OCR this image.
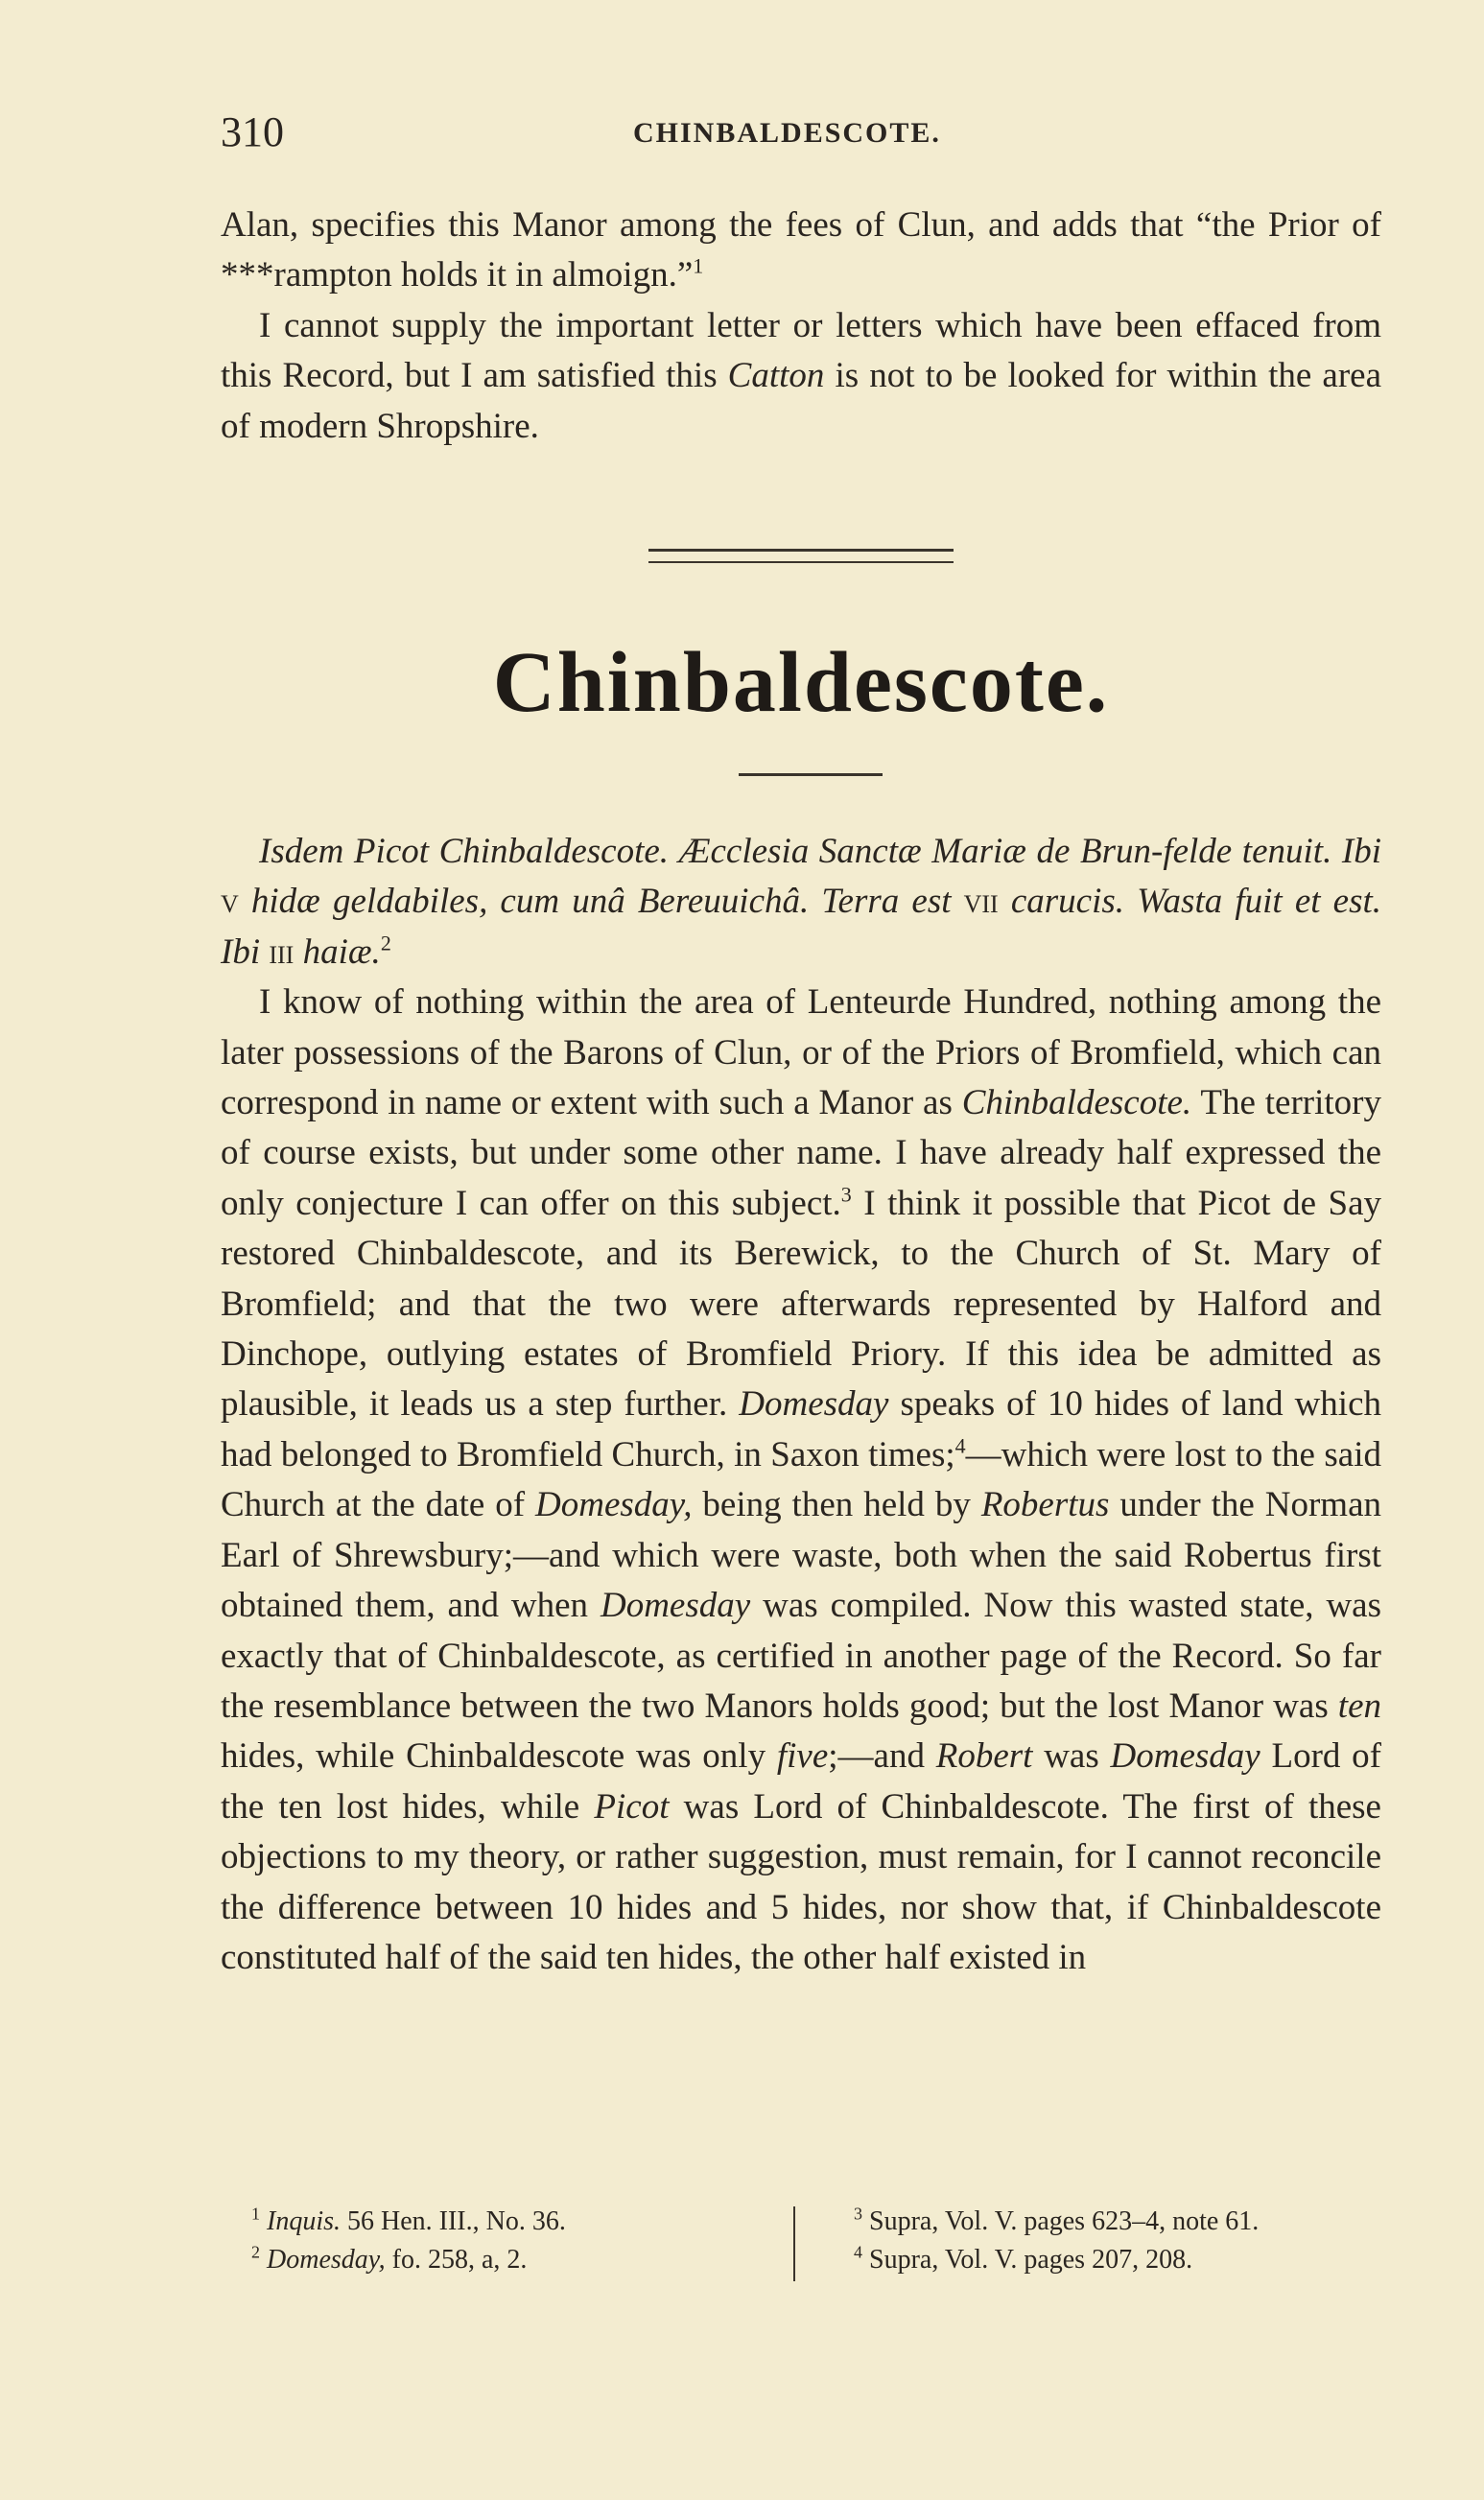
310	CHINBALDESCOTE.

Alan, specifies this Manor among the fees of Clun, and adds that “the Prior of ***rampton holds it in almoign.”$^1$

I cannot supply the important letter or letters which have been effaced from this Record, but I am satisfied this Catton is not to be looked for within the area of modern Shropshire.

Chinbaldescote.

Isdem Picot Chinbaldescote. Æcclesia Sanctæ Mariæ de Brun-felde tenuit. Ibi v hidæ geldabiles, cum unâ Bereuuichâ. Terra est vii carucis. Wasta fuit et est. Ibi iii haiæ.$^2$

I know of nothing within the area of Lenteurde Hundred, nothing among the later possessions of the Barons of Clun, or of the Priors of Bromfield, which can correspond in name or extent with such a Manor as Chinbaldescote. The territory of course exists, but under some other name. I have already half expressed the only conjecture I can offer on this subject.$^3$ I think it possible that Picot de Say restored Chinbaldescote, and its Berewick, to the Church of St. Mary of Bromfield; and that the two were afterwards represented by Halford and Dinchope, outlying estates of Bromfield Priory. If this idea be admitted as plausible, it leads us a step further. Domesday speaks of 10 hides of land which had belonged to Bromfield Church, in Saxon times;$^4$—which were lost to the said Church at the date of Domesday, being then held by Robertus under the Norman Earl of Shrewsbury;—and which were waste, both when the said Robertus first obtained them, and when Domesday was compiled. Now this wasted state, was exactly that of Chinbaldescote, as certified in another page of the Record. So far the resemblance between the two Manors holds good; but the lost Manor was ten hides, while Chinbaldescote was only five;—and Robert was Domesday Lord of the ten lost hides, while Picot was Lord of Chinbaldescote. The first of these objections to my theory, or rather suggestion, must remain, for I cannot reconcile the difference between 10 hides and 5 hides, nor show that, if Chinbaldescote constituted half of the said ten hides, the other half existed in

$^1$ Inquis. 56 Hen. III., No. 36.
$^2$ Domesday, fo. 258, a, 2.
$^3$ Supra, Vol. V. pages 623–4, note 61.
$^4$ Supra, Vol. V. pages 207, 208.
